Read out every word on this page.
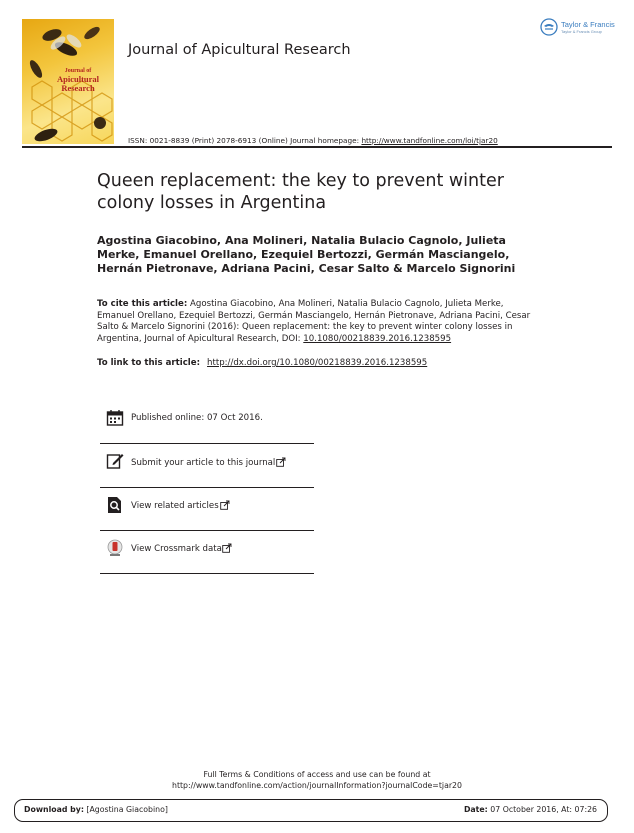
Journal of
Apicultural
Research
Journal of Apicultural Research
Taylor & Francis
Taylor & Francis Group
ISSN: 0021-8839 (Print) 2078-6913 (Online) Journal homepage: http://www.tandfonline.com/loi/tjar20
Queen replacement: the key to prevent winter colony losses in Argentina
Agostina Giacobino, Ana Molineri, Natalia Bulacio Cagnolo, Julieta Merke, Emanuel Orellano, Ezequiel Bertozzi, Germán Masciangelo, Hernán Pietronave, Adriana Pacini, Cesar Salto & Marcelo Signorini
To cite this article: Agostina Giacobino, Ana Molineri, Natalia Bulacio Cagnolo, Julieta Merke, Emanuel Orellano, Ezequiel Bertozzi, Germán Masciangelo, Hernán Pietronave, Adriana Pacini, Cesar Salto & Marcelo Signorini (2016): Queen replacement: the key to prevent winter colony losses in Argentina, Journal of Apicultural Research, DOI: 10.1080/00218839.2016.1238595
To link to this article: http://dx.doi.org/10.1080/00218839.2016.1238595
Published online: 07 Oct 2016.
Submit your article to this journal
View related articles
View Crossmark data
Full Terms & Conditions of access and use can be found at
http://www.tandfonline.com/action/journalInformation?journalCode=tjar20
Download by: [Agostina Giacobino]	Date: 07 October 2016, At: 07:26
